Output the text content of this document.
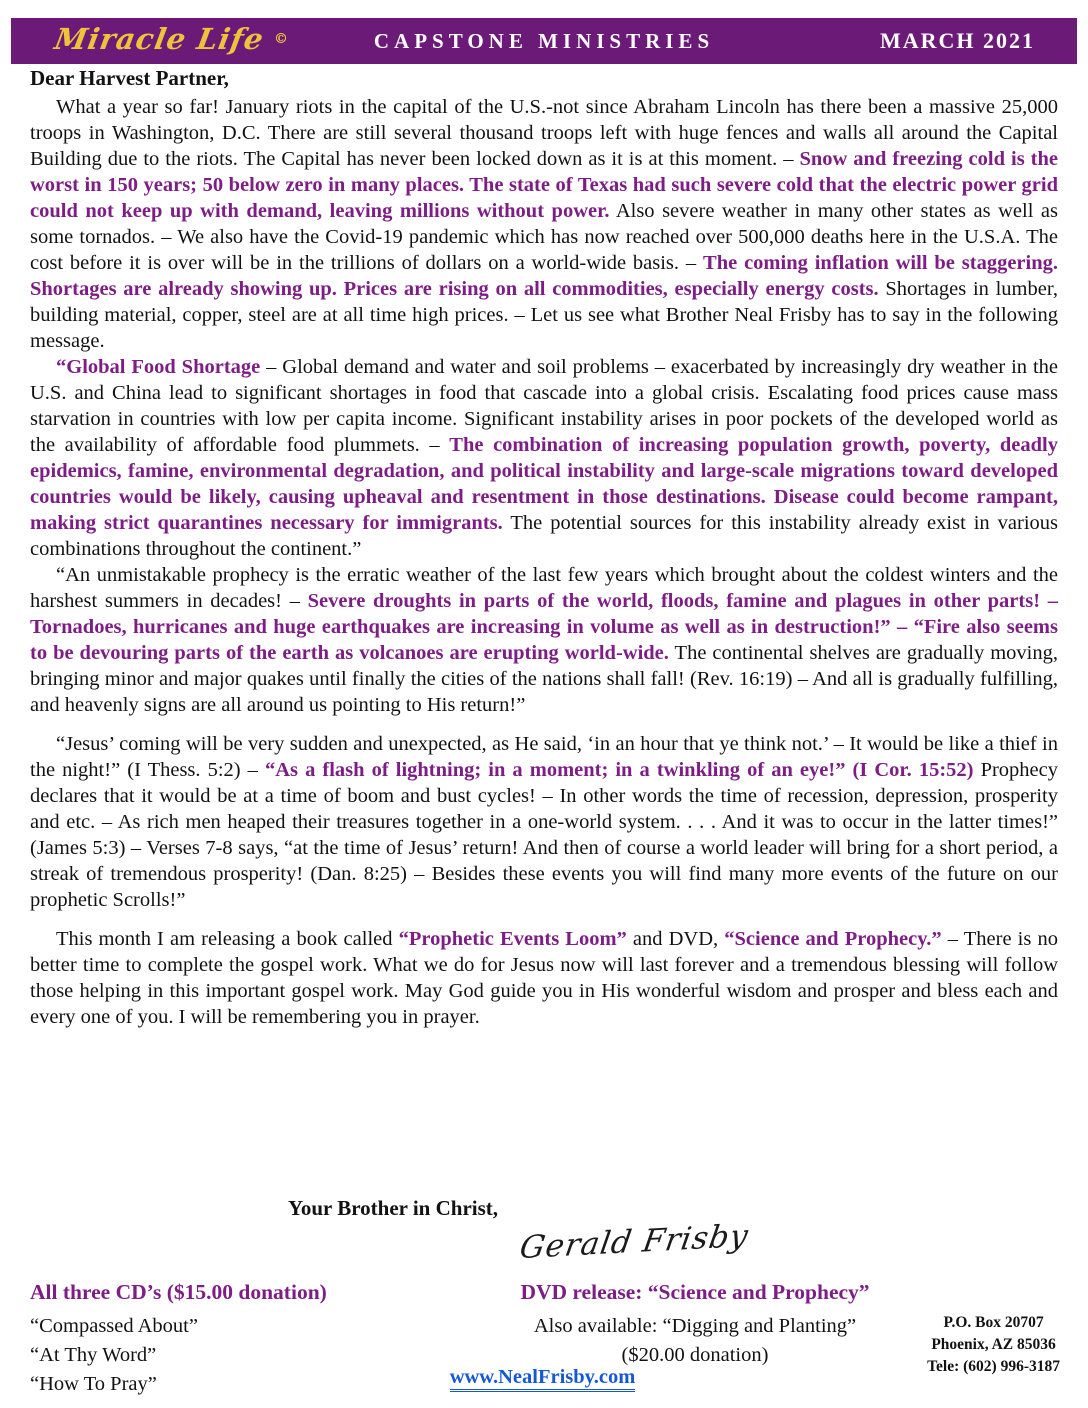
Miracle Life ©	CAPSTONE MINISTRIES	MARCH 2021
Dear Harvest Partner,

What a year so far! January riots in the capital of the U.S.-not since Abraham Lincoln has there been a massive 25,000 troops in Washington, D.C. There are still several thousand troops left with huge fences and walls all around the Capital Building due to the riots. The Capital has never been locked down as it is at this moment. – Snow and freezing cold is the worst in 150 years; 50 below zero in many places. The state of Texas had such severe cold that the electric power grid could not keep up with demand, leaving millions without power. Also severe weather in many other states as well as some tornados. – We also have the Covid-19 pandemic which has now reached over 500,000 deaths here in the U.S.A. The cost before it is over will be in the trillions of dollars on a world-wide basis. – The coming inflation will be staggering. Shortages are already showing up. Prices are rising on all commodities, especially energy costs. Shortages in lumber, building material, copper, steel are at all time high prices. – Let us see what Brother Neal Frisby has to say in the following message.

“Global Food Shortage – Global demand and water and soil problems – exacerbated by increasingly dry weather in the U.S. and China lead to significant shortages in food that cascade into a global crisis. Escalating food prices cause mass starvation in countries with low per capita income. Significant instability arises in poor pockets of the developed world as the availability of affordable food plummets. – The combination of increasing population growth, poverty, deadly epidemics, famine, environmental degradation, and political instability and large-scale migrations toward developed countries would be likely, causing upheaval and resentment in those destinations. Disease could become rampant, making strict quarantines necessary for immigrants. The potential sources for this instability already exist in various combinations throughout the continent.”

“An unmistakable prophecy is the erratic weather of the last few years which brought about the coldest winters and the harshest summers in decades! – Severe droughts in parts of the world, floods, famine and plagues in other parts! – Tornadoes, hurricanes and huge earthquakes are increasing in volume as well as in destruction!” – “Fire also seems to be devouring parts of the earth as volcanoes are erupting world-wide. The continental shelves are gradually moving, bringing minor and major quakes until finally the cities of the nations shall fall! (Rev. 16:19) – And all is gradually fulfilling, and heavenly signs are all around us pointing to His return!”

“Jesus’ coming will be very sudden and unexpected, as He said, ‘in an hour that ye think not.’ – It would be like a thief in the night!” (I Thess. 5:2) – “As a flash of lightning; in a moment; in a twinkling of an eye!” (I Cor. 15:52) Prophecy declares that it would be at a time of boom and bust cycles! – In other words the time of recession, depression, prosperity and etc. – As rich men heaped their treasures together in a one-world system. . . . And it was to occur in the latter times!” (James 5:3) – Verses 7-8 says, “at the time of Jesus’ return! And then of course a world leader will bring for a short period, a streak of tremendous prosperity! (Dan. 8:25) – Besides these events you will find many more events of the future on our prophetic Scrolls!”

This month I am releasing a book called “Prophetic Events Loom” and DVD, “Science and Prophecy.” – There is no better time to complete the gospel work. What we do for Jesus now will last forever and a tremendous blessing will follow those helping in this important gospel work. May God guide you in His wonderful wisdom and prosper and bless each and every one of you. I will be remembering you in prayer.

Your Brother in Christ,
Gerald Frisby
All three CD’s ($15.00 donation)
“Compassed About”
“At Thy Word”
“How To Pray”
DVD release: “Science and Prophecy”
Also available: “Digging and Planting”
($20.00 donation)
www.NealFrisby.com
P.O. Box 20707
Phoenix, AZ 85036
Tele: (602) 996-3187
